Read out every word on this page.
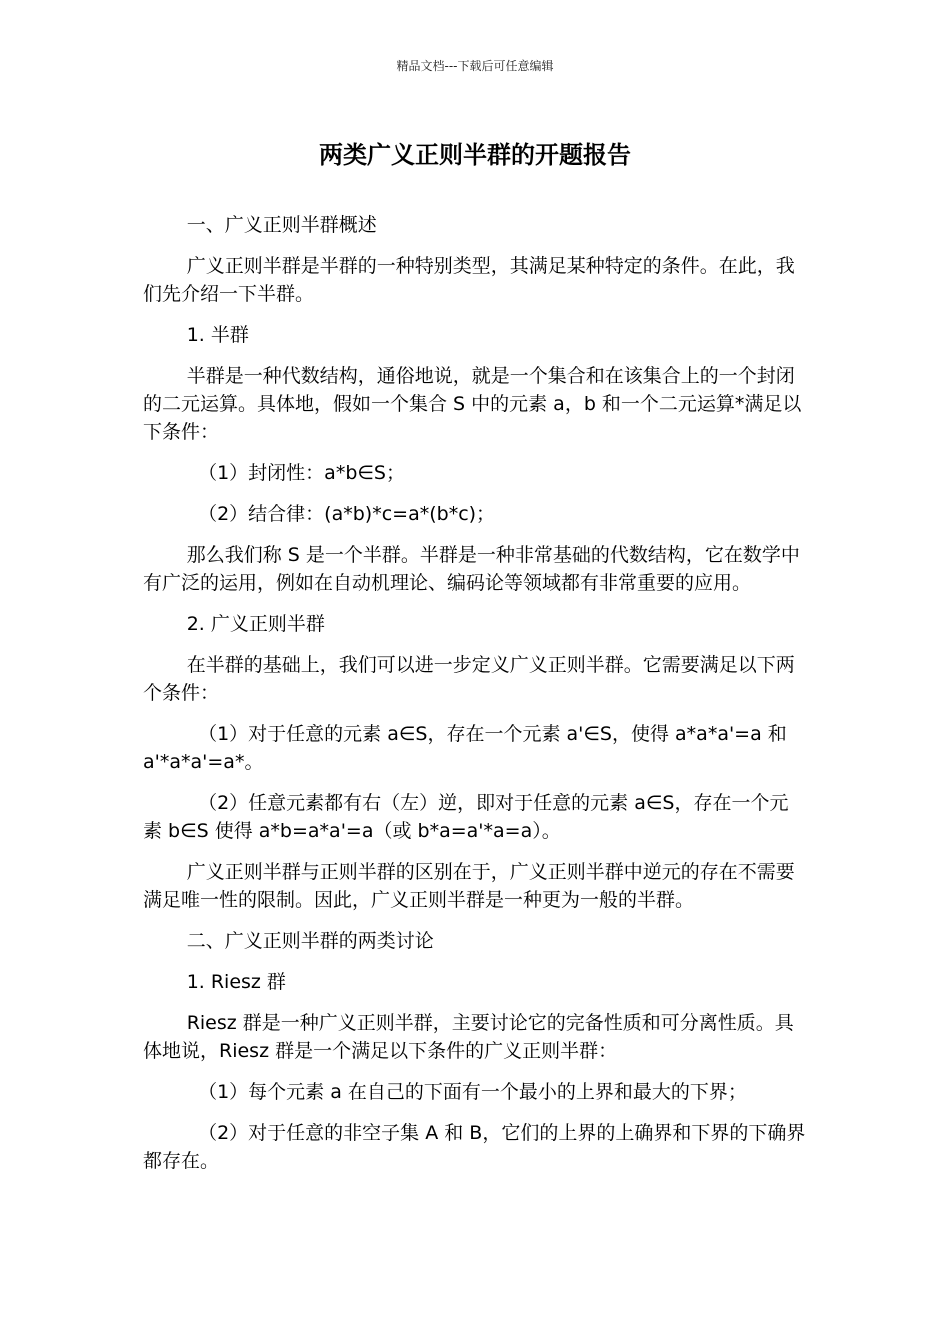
精品文档---下载后可任意编辑
两类广义正则半群的开题报告

一、广义正则半群概述

广义正则半群是半群的一种特别类型，其满足某种特定的条件。在此，我们先介绍一下半群。

1. 半群

半群是一种代数结构，通俗地说，就是一个集合和在该集合上的一个封闭的二元运算。具体地，假如一个集合 S 中的元素 a，b 和一个二元运算*满足以下条件：

（1）封闭性：a*b∈S；

（2）结合律：(a*b)*c=a*(b*c)；

那么我们称 S 是一个半群。半群是一种非常基础的代数结构，它在数学中有广泛的运用，例如在自动机理论、编码论等领域都有非常重要的应用。

2. 广义正则半群

在半群的基础上，我们可以进一步定义广义正则半群。它需要满足以下两个条件：

（1）对于任意的元素 a∈S，存在一个元素 a'∈S，使得 a*a*a'=a 和 a'*a*a'=a*。

（2）任意元素都有右（左）逆，即对于任意的元素 a∈S，存在一个元素 b∈S 使得 a*b=a*a'=a（或 b*a=a'*a=a）。

广义正则半群与正则半群的区别在于，广义正则半群中逆元的存在不需要满足唯一性的限制。因此，广义正则半群是一种更为一般的半群。

二、广义正则半群的两类讨论

1. Riesz 群

Riesz 群是一种广义正则半群，主要讨论它的完备性质和可分离性质。具体地说，Riesz 群是一个满足以下条件的广义正则半群：

（1）每个元素 a 在自己的下面有一个最小的上界和最大的下界；

（2）对于任意的非空子集 A 和 B，它们的上界的上确界和下界的下确界都存在。
